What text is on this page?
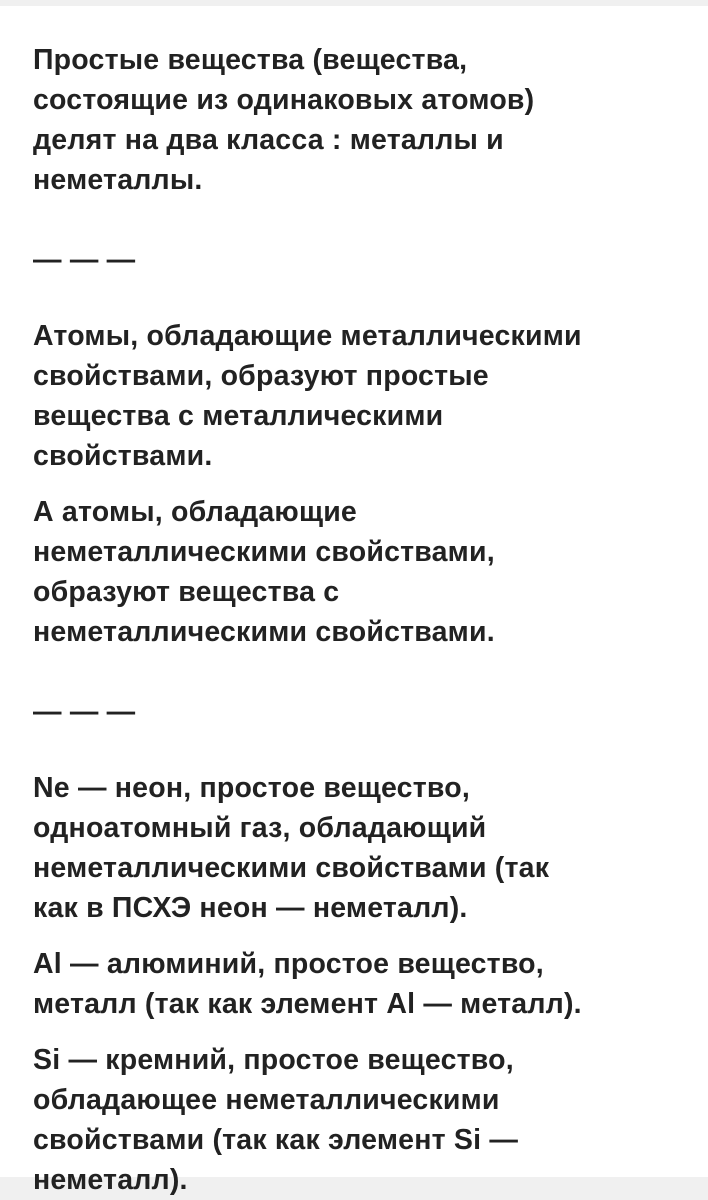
Простые вещества (вещества,
состоящие из одинаковых атомов)
делят на два класса : металлы и
неметаллы.

— — —

Атомы, обладающие металлическими
свойствами, образуют простые
вещества с металлическими
свойствами.

А атомы, обладающие
неметаллическими свойствами,
образуют вещества с
неметаллическими свойствами.

— — —

Ne — неон, простое вещество,
одноатомный газ, обладающий
неметаллическими свойствами (так
как в ПСХЭ неон — неметалл).

Al — алюминий, простое вещество,
металл (так как элемент Al — металл).

Si — кремний, простое вещество,
обладающее неметаллическими
свойствами (так как элемент Si —
неметалл).
